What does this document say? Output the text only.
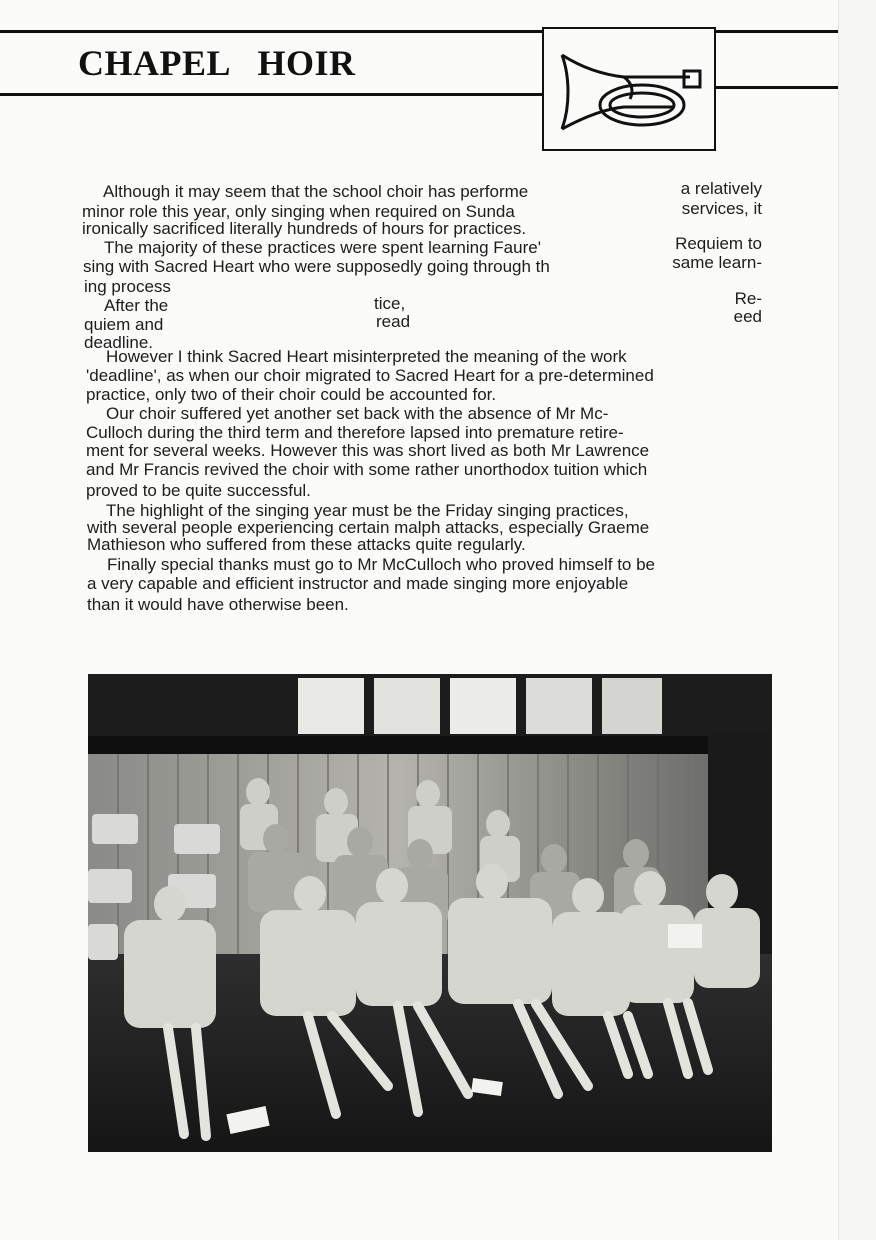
CHAPEL   HOIR

Although it may seem that the school choir has performe	a relatively

minor role this year, only singing when required on Sunda	services, it

ironically sacrificed literally hundreds of hours for practices.

The majority of these practices were spent learning Faure'	Requiem to

sing with Sacred Heart who were supposedly going through th	same learn-

ing process

After the	tice,	Re-

quiem and	read	eed

deadline.

However I think Sacred Heart misinterpreted the meaning of the work

'deadline', as when our choir migrated to Sacred Heart for a pre-determined

practice, only two of their choir could be accounted for.

Our choir suffered yet another set back with the absence of Mr Mc-

Culloch during the third term and therefore lapsed into premature retire-

ment for several weeks. However this was short lived as both Mr Lawrence

and Mr Francis revived the choir with some rather unorthodox tuition which

proved to be quite successful.

The highlight of the singing year must be the Friday singing practices,

with several people experiencing certain malph attacks, especially Graeme

Mathieson who suffered from these attacks quite regularly.

Finally special thanks must go to Mr McCulloch who proved himself to be

a very capable and efficient instructor and made singing more enjoyable

than it would have otherwise been.
